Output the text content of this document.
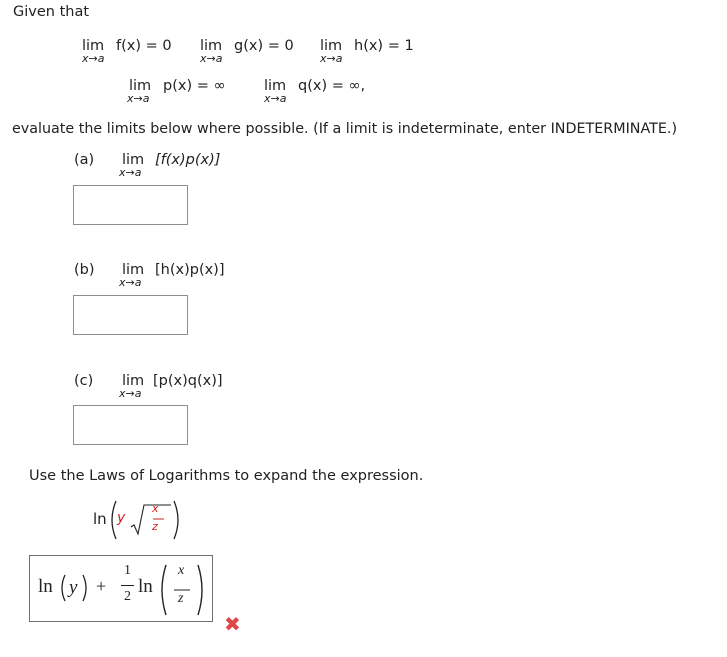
Given that
lim
x→a
f(x) = 0 lim
x→a
g(x) = 0 lim
x→a
h(x) = 1
lim
x→a
p(x) = ∞	lim
x→a
q(x) = ∞,
evaluate the limits below where possible. (If a limit is indeterminate, enter INDETERMINATE.)
(a) lim
x→a
[f(x)p(x)]
(b) lim
x→a
[h(x)p(x)]
(c) lim
x→a
[p(x)q(x)]
Use the Laws of Logarithms to expand the expression.
ln y
x
z
ln y +
1
2 ln
x
z
✖
